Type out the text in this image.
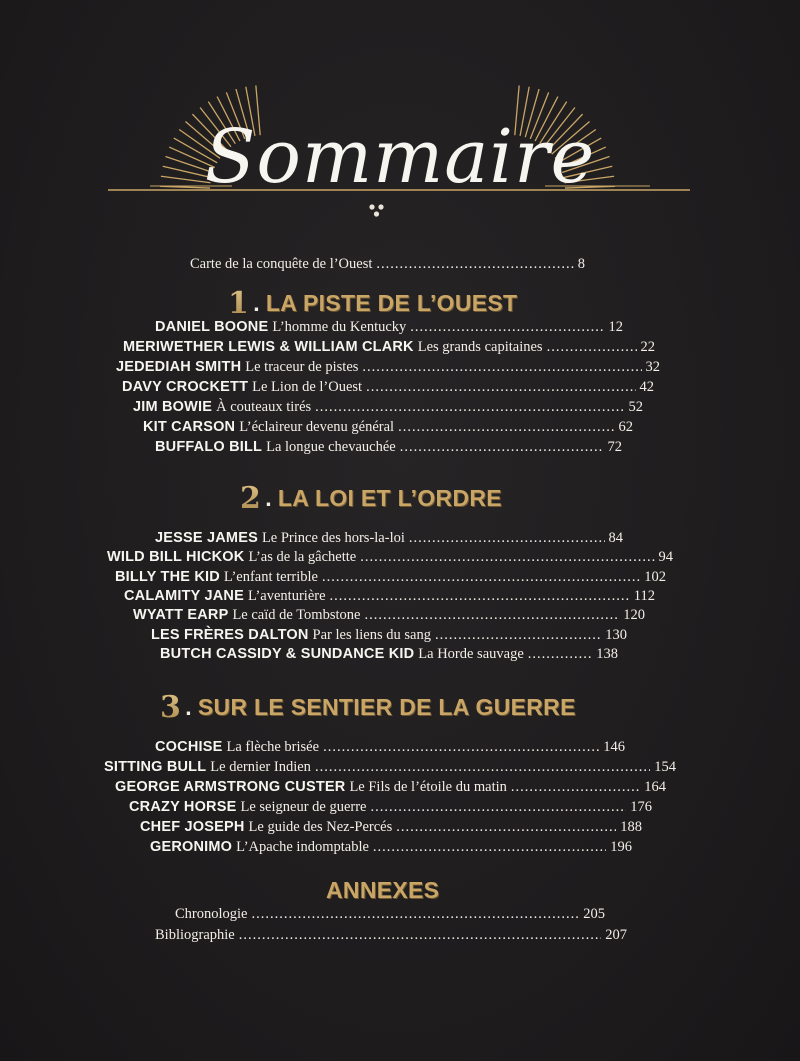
Sommaire
Carte de la conquête de l’Ouest .....	8
1 . LA PISTE DE L’OUEST
DANIEL BOONE L’homme du Kentucky .....	12
MERIWETHER LEWIS & WILLIAM CLARK Les grands capitaines .....	22
JEDEDIAH SMITH Le traceur de pistes .....	32
DAVY CROCKETT Le Lion de l’Ouest .....	42
JIM BOWIE À couteaux tirés .....	52
KIT CARSON L’éclaireur devenu général .....	62
BUFFALO BILL La longue chevauchée .....	72
2 . LA LOI ET L’ORDRE
JESSE JAMES Le Prince des hors-la-loi .....	84
WILD BILL HICKOK L’as de la gâchette .....	94
BILLY THE KID L’enfant terrible .....	102
CALAMITY JANE L’aventurière .....	112
WYATT EARP Le caïd de Tombstone .....	120
LES FRÈRES DALTON Par les liens du sang .....	130
BUTCH CASSIDY & SUNDANCE KID La Horde sauvage .....	138
3 . SUR LE SENTIER DE LA GUERRE
COCHISE La flèche brisée .....	146
SITTING BULL Le dernier Indien .....	154
GEORGE ARMSTRONG CUSTER Le Fils de l’étoile du matin .....	164
CRAZY HORSE Le seigneur de guerre .....	176
CHEF JOSEPH Le guide des Nez-Percés .....	188
GERONIMO L’Apache indomptable .....	196
ANNEXES
Chronologie .....	205
Bibliographie .....	207
